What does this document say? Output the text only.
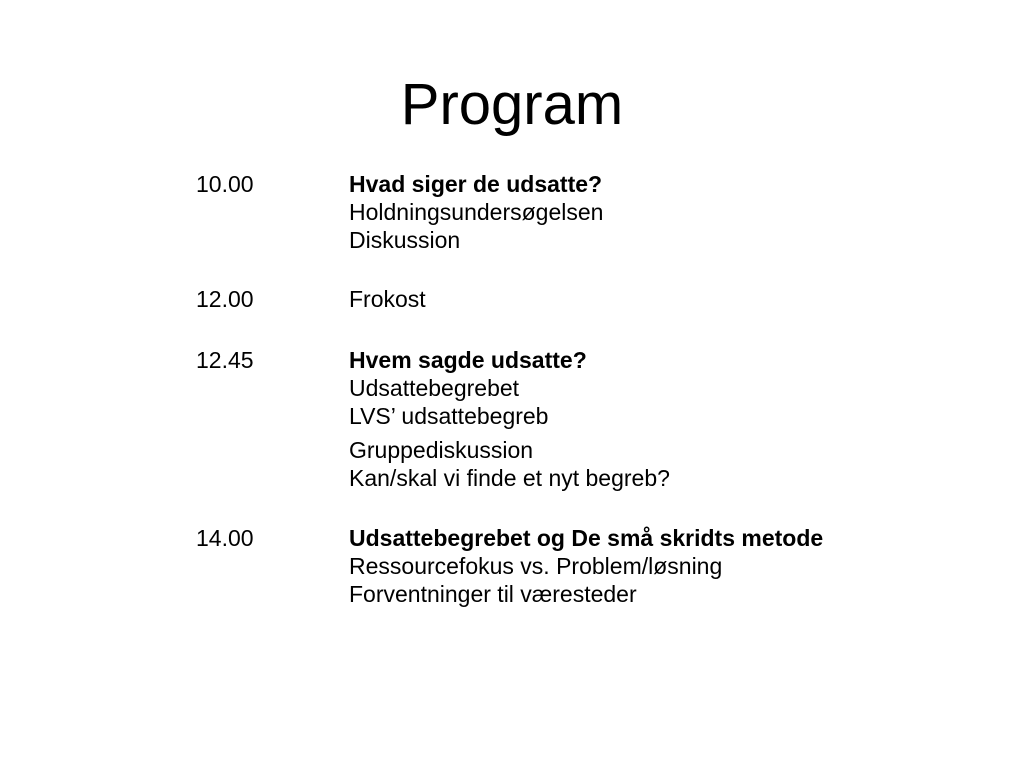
Program
10.00	Hvad siger de udsatte?
Holdningsundersøgelsen
Diskussion
12.00	Frokost
12.45	Hvem sagde udsatte?
Udsattebegrebet
LVS’ udsattebegreb
Gruppediskussion
Kan/skal vi finde et nyt begreb?
14.00	Udsattebegrebet og De små skridts metode
Ressourcefokus vs. Problem/løsning
Forventninger til væresteder
